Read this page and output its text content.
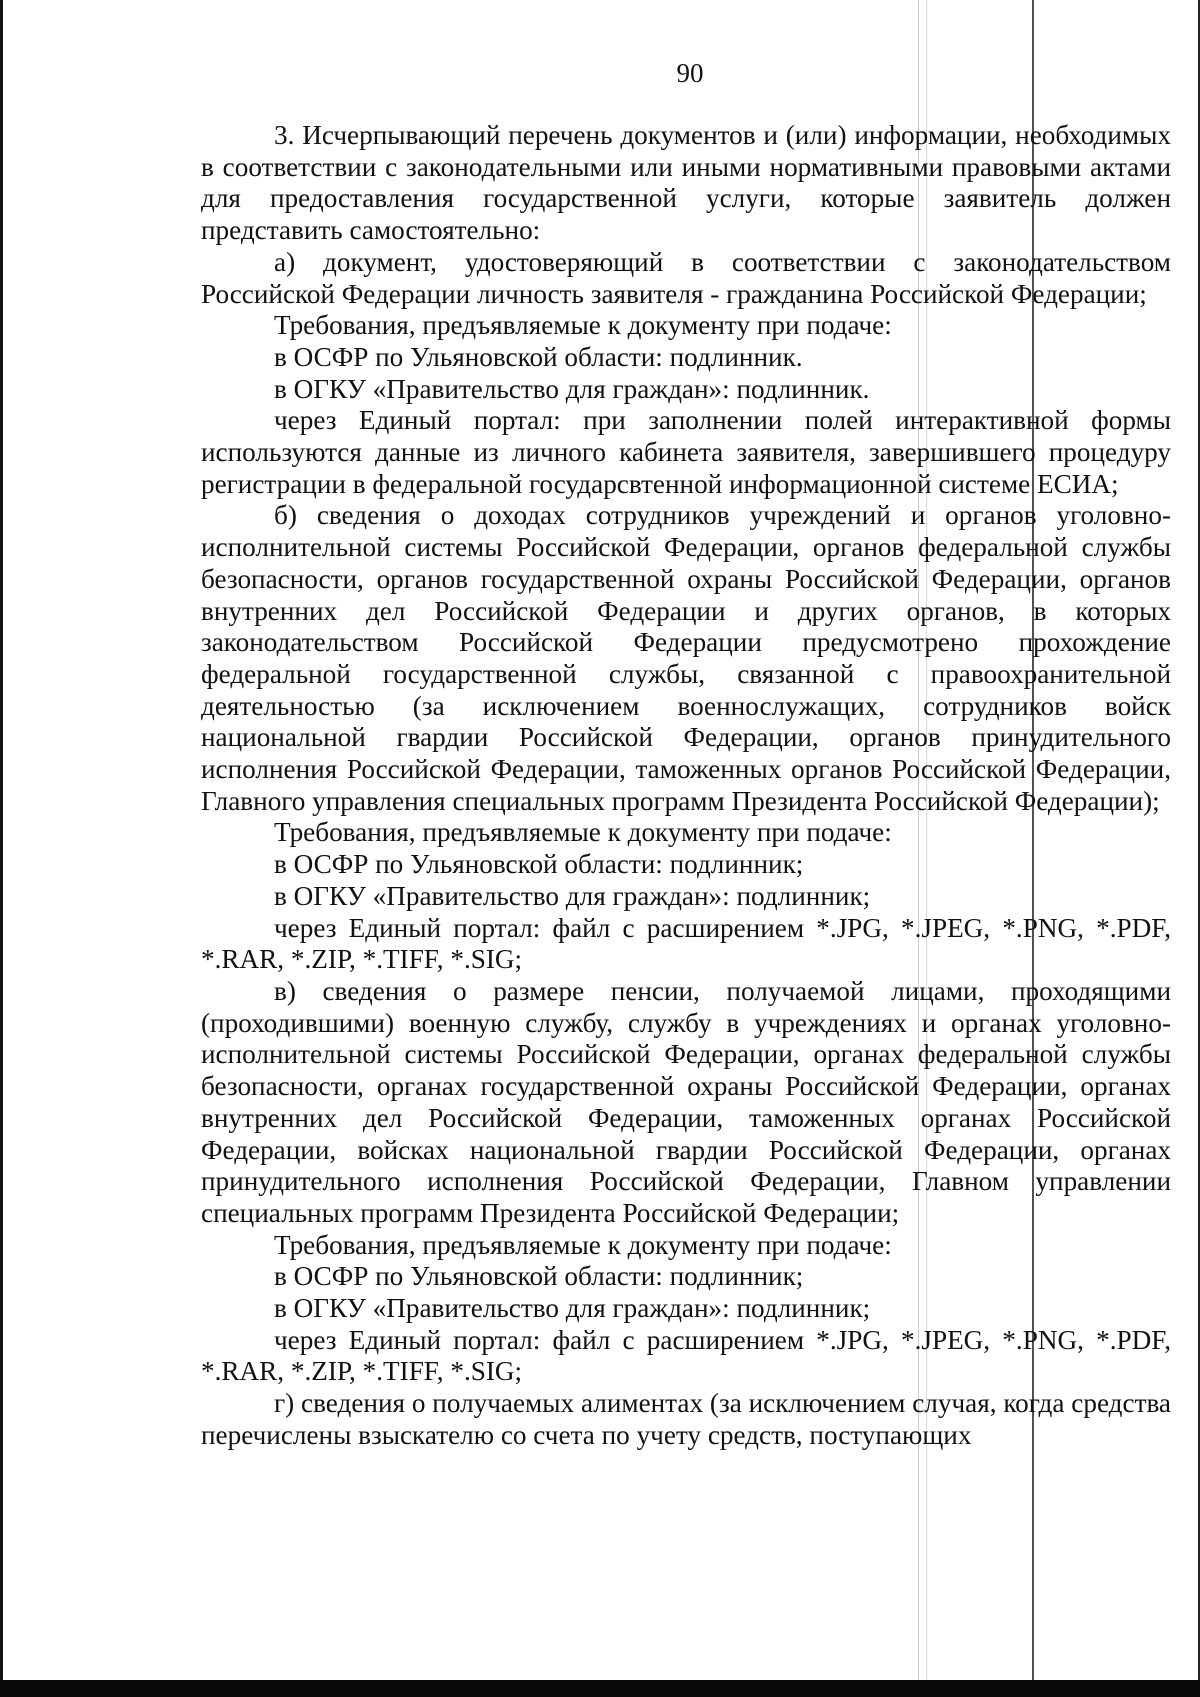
90

3. Исчерпывающий перечень документов и (или) информации, необходимых в соответствии с законодательными или иными нормативными правовыми актами для предоставления государственной услуги, которые заявитель должен представить самостоятельно:

а) документ, удостоверяющий в соответствии с законодательством Российской Федерации личность заявителя - гражданина Российской Федерации;

Требования, предъявляемые к документу при подаче:

в ОСФР по Ульяновской области: подлинник.

в ОГКУ «Правительство для граждан»: подлинник.

через Единый портал: при заполнении полей интерактивной формы используются данные из личного кабинета заявителя, завершившего процедуру регистрации в федеральной государсвтенной информационной системе ЕСИА;

б) сведения о доходах сотрудников учреждений и органов уголовно-исполнительной системы Российской Федерации, органов федеральной службы безопасности, органов государственной охраны Российской Федерации, органов внутренних дел Российской Федерации и других органов, в которых законодательством Российской Федерации предусмотрено прохождение федеральной государственной службы, связанной с правоохранительной деятельностью (за исключением военнослужащих, сотрудников войск национальной гвардии Российской Федерации, органов принудительного исполнения Российской Федерации, таможенных органов Российской Федерации, Главного управления специальных программ Президента Российской Федерации);

Требования, предъявляемые к документу при подаче:

в ОСФР по Ульяновской области: подлинник;

в ОГКУ «Правительство для граждан»: подлинник;

через Единый портал: файл с расширением *.JPG, *.JPEG, *.PNG, *.PDF, *.RAR, *.ZIP, *.TIFF, *.SIG;

в) сведения о размере пенсии, получаемой лицами, проходящими (проходившими) военную службу, службу в учреждениях и органах уголовно-исполнительной системы Российской Федерации, органах федеральной службы безопасности, органах государственной охраны Российской Федерации, органах внутренних дел Российской Федерации, таможенных органах Российской Федерации, войсках национальной гвардии Российской Федерации, органах принудительного исполнения Российской Федерации, Главном управлении специальных программ Президента Российской Федерации;

Требования, предъявляемые к документу при подаче:

в ОСФР по Ульяновской области: подлинник;

в ОГКУ «Правительство для граждан»: подлинник;

через Единый портал: файл с расширением *.JPG, *.JPEG, *.PNG, *.PDF, *.RAR, *.ZIP, *.TIFF, *.SIG;

г) сведения о получаемых алиментах (за исключением случая, когда средства перечислены взыскателю со счета по учету средств, поступающих
